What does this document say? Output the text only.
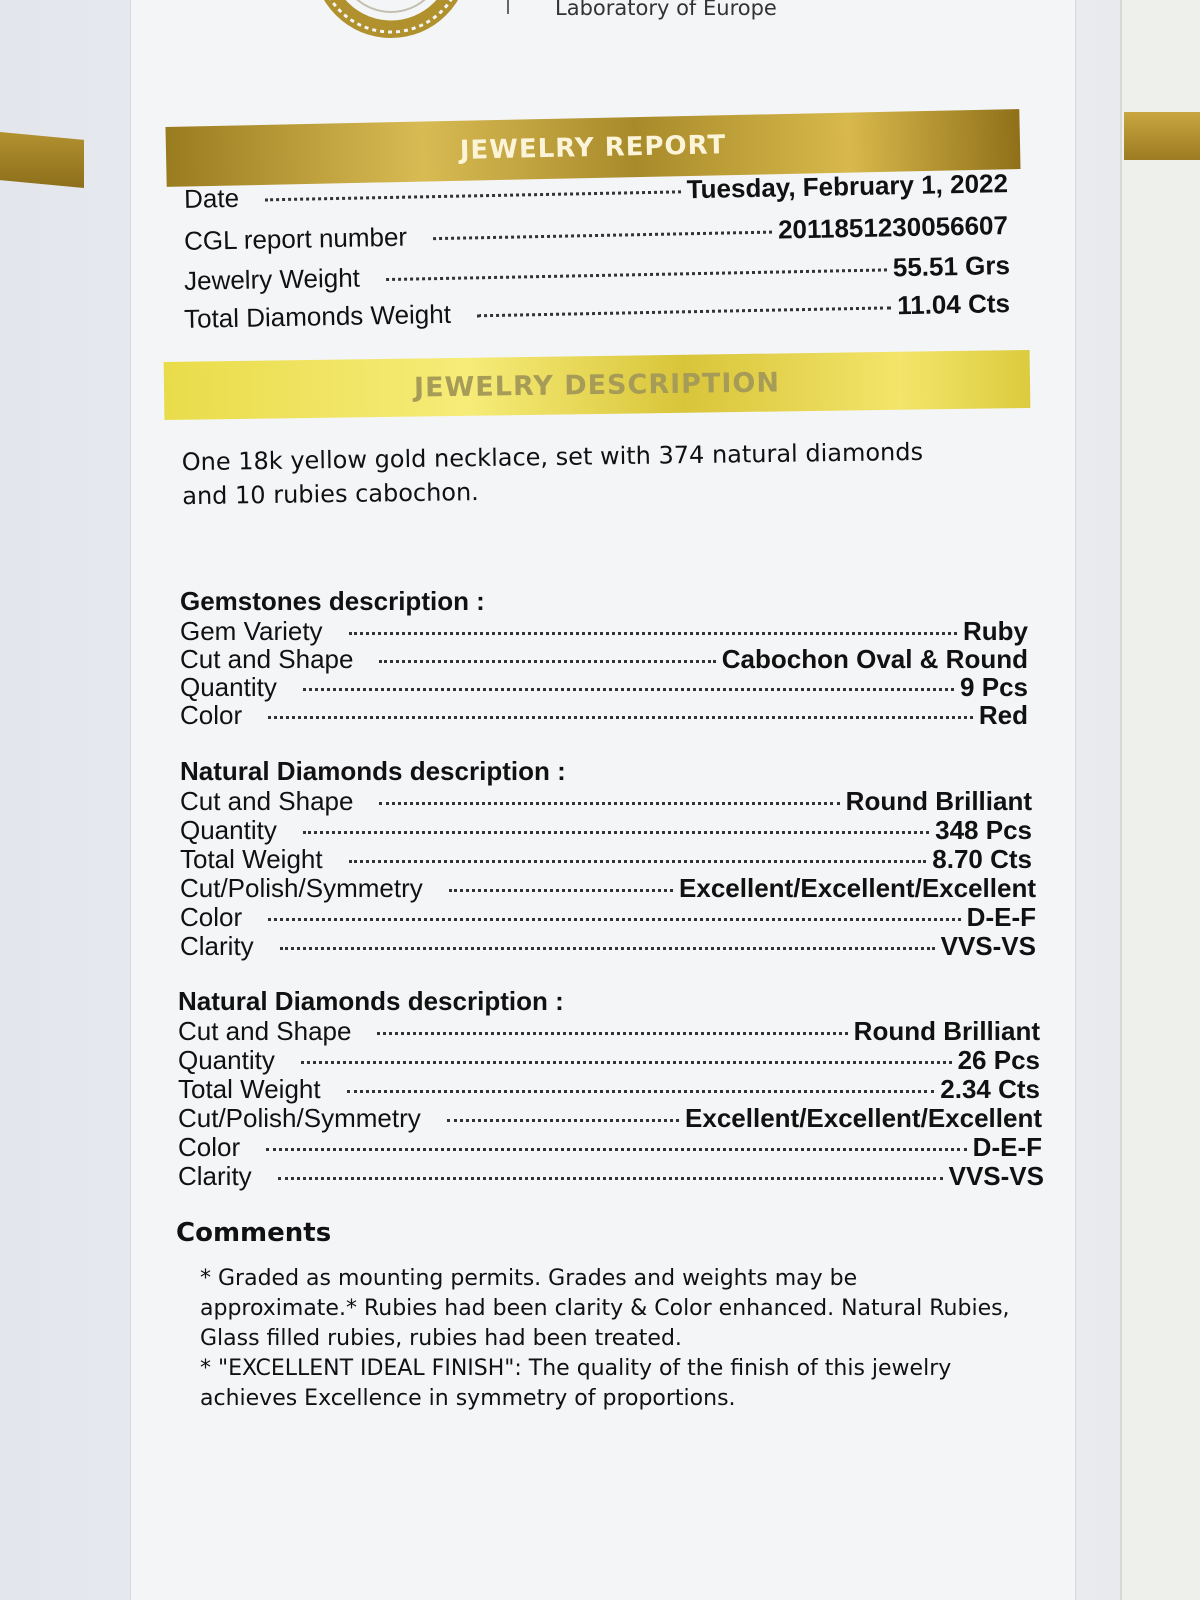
Laboratory of Europe
JEWELRY REPORT
Date	Tuesday, February 1, 2022
CGL report number	2011851230056607
Jewelry Weight	55.51 Grs
Total Diamonds Weight	11.04 Cts
JEWELRY DESCRIPTION
One 18k yellow gold necklace, set with 374 natural diamonds
and 10 rubies cabochon.
Gemstones description :
Gem Variety	Ruby
Cut and Shape	Cabochon Oval & Round
Quantity	9 Pcs
Color	Red
Natural Diamonds description :
Cut and Shape	Round Brilliant
Quantity	348 Pcs
Total Weight	8.70 Cts
Cut/Polish/Symmetry	Excellent/Excellent/Excellent
Color	D-E-F
Clarity	VVS-VS
Natural Diamonds description :
Cut and Shape	Round Brilliant
Quantity	26 Pcs
Total Weight	2.34 Cts
Cut/Polish/Symmetry	Excellent/Excellent/Excellent
Color	D-E-F
Clarity	VVS-VS
Comments
* Graded as mounting permits. Grades and weights may be
approximate.* Rubies had been clarity & Color enhanced. Natural Rubies,
Glass filled rubies, rubies had been treated.
* "EXCELLENT IDEAL FINISH": The quality of the finish of this jewelry
achieves Excellence in symmetry of proportions.
